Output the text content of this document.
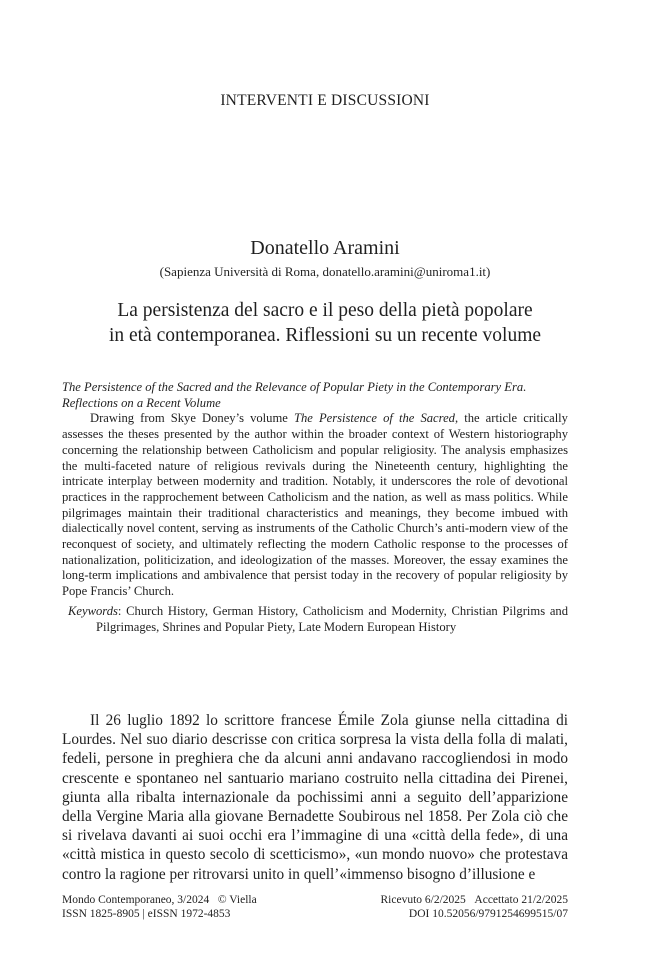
INTERVENTI E DISCUSSIONI
Donatello Aramini
(Sapienza Università di Roma, donatello.aramini@uniroma1.it)
La persistenza del sacro e il peso della pietà popolare
in età contemporanea. Riflessioni su un recente volume
The Persistence of the Sacred and the Relevance of Popular Piety in the Contemporary Era.
Reflections on a Recent Volume

Drawing from Skye Doney’s volume The Persistence of the Sacred, the article critically assesses the theses presented by the author within the broader context of Western historiography concerning the relationship between Catholicism and popular religiosity. The analysis emphasizes the multi-faceted nature of religious revivals during the Nineteenth century, highlighting the intricate interplay between modernity and tradition. Notably, it underscores the role of devotional practices in the rapprochement between Catholicism and the nation, as well as mass politics. While pilgrimages maintain their traditional characteristics and meanings, they become imbued with dialectically novel content, serving as instruments of the Catholic Church’s anti-modern view of the reconquest of society, and ultimately reflecting the modern Catholic response to the processes of nationalization, politicization, and ideologization of the masses. Moreover, the essay examines the long-term implications and ambivalence that persist today in the recovery of popular religiosity by Pope Francis’ Church.

Keywords: Church History, German History, Catholicism and Modernity, Christian Pilgrims and Pilgrimages, Shrines and Popular Piety, Late Modern European History

Il 26 luglio 1892 lo scrittore francese Émile Zola giunse nella cittadina di Lourdes. Nel suo diario descrisse con critica sorpresa la vista della folla di malati, fedeli, persone in preghiera che da alcuni anni andavano raccogliendosi in modo crescente e spontaneo nel santuario mariano costruito nella cittadina dei Pirenei, giunta alla ribalta internazionale da pochissimi anni a seguito dell’apparizione della Vergine Maria alla giovane Bernadette Soubirous nel 1858. Per Zola ciò che si rivelava davanti ai suoi occhi era l’immagine di una «città della fede», di una «città mistica in questo secolo di scetticismo», «un mondo nuovo» che protestava contro la ragione per ritrovarsi unito in quell’«immenso bisogno d’illusione e

Mondo Contemporaneo, 3/2024 © Viella	Ricevuto 6/2/2025 Accettato 21/2/2025
ISSN 1825-8905 | eISSN 1972-4853	DOI 10.52056/9791254699515/07
